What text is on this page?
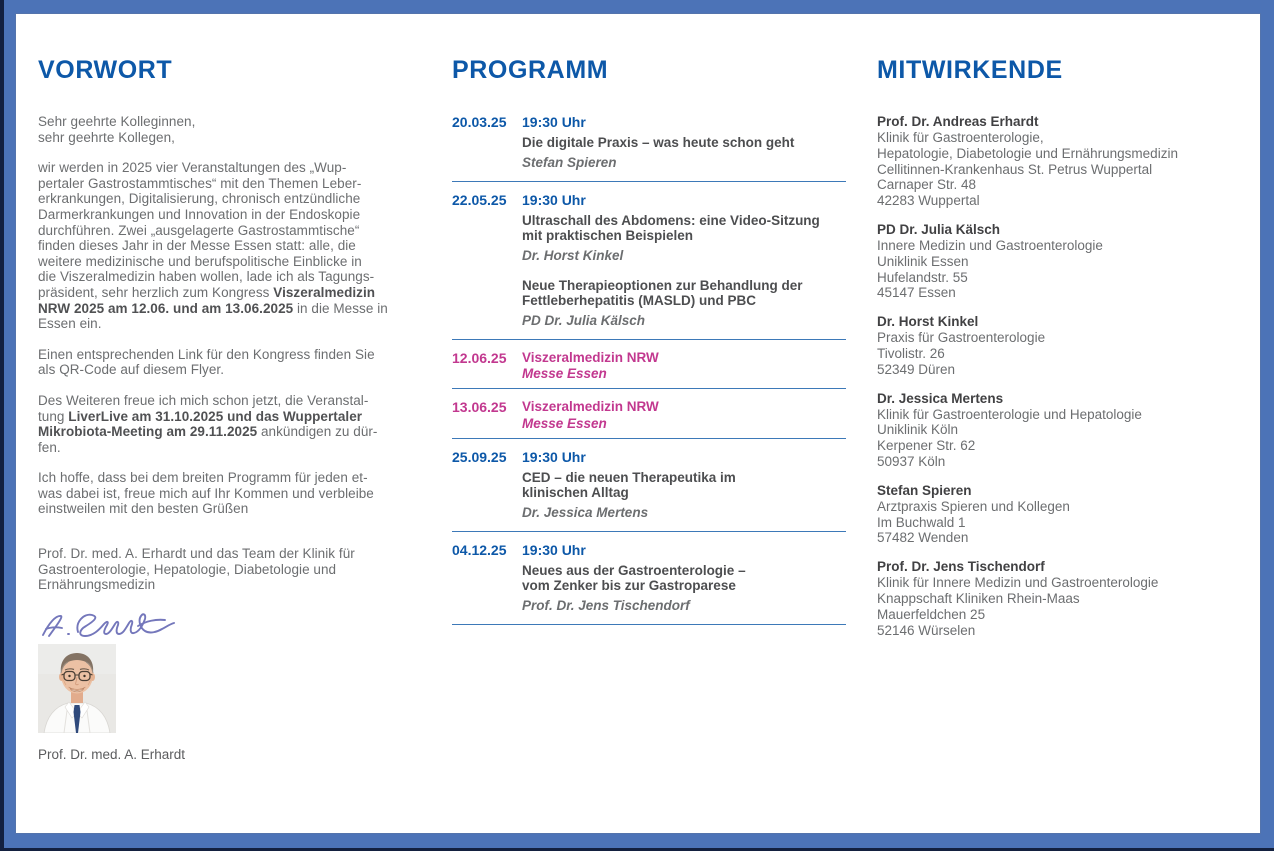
VORWORT
Sehr geehrte Kolleginnen,
sehr geehrte Kollegen,
wir werden in 2025 vier Veranstaltungen des „Wup-
pertaler Gastrostammtisches“ mit den Themen Leber-
erkrankungen, Digitalisierung, chronisch entzündliche
Darmerkrankungen und Innovation in der Endoskopie
durchführen. Zwei „ausgelagerte Gastrostammtische“
finden dieses Jahr in der Messe Essen statt: alle, die
weitere medizinische und berufspolitische Einblicke in
die Viszeralmedizin haben wollen, lade ich als Tagungs-
präsident, sehr herzlich zum Kongress Viszeralmedizin
NRW 2025 am 12.06. und am 13.06.2025 in die Messe in
Essen ein.
Einen entsprechenden Link für den Kongress finden Sie
als QR-Code auf diesem Flyer.
Des Weiteren freue ich mich schon jetzt, die Veranstal-
tung LiverLive am 31.10.2025 und das Wuppertaler
Mikrobiota-Meeting am 29.11.2025 ankündigen zu dür-
fen.
Ich hoffe, dass bei dem breiten Programm für jeden et-
was dabei ist, freue mich auf Ihr Kommen und verbleibe
einstweilen mit den besten Grüßen
Prof. Dr. med. A. Erhardt und das Team der Klinik für
Gastroenterologie, Hepatologie, Diabetologie und
Ernährungsmedizin
Prof. Dr. med. A. Erhardt
PROGRAMM
20.03.25	19:30 Uhr
Die digitale Praxis – was heute schon geht
Stefan Spieren
22.05.25	19:30 Uhr
Ultraschall des Abdomens: eine Video-Sitzung
mit praktischen Beispielen
Dr. Horst Kinkel
Neue Therapieoptionen zur Behandlung der
Fettleberhepatitis (MASLD) und PBC
PD Dr. Julia Kälsch
12.06.25	Viszeralmedizin NRW
Messe Essen
13.06.25	Viszeralmedizin NRW
Messe Essen
25.09.25	19:30 Uhr
CED – die neuen Therapeutika im
klinischen Alltag
Dr. Jessica Mertens
04.12.25	19:30 Uhr
Neues aus der Gastroenterologie –
vom Zenker bis zur Gastroparese
Prof. Dr. Jens Tischendorf
MITWIRKENDE
Prof. Dr. Andreas Erhardt
Klinik für Gastroenterologie,
Hepatologie, Diabetologie und Ernährungsmedizin
Cellitinnen-Krankenhaus St. Petrus Wuppertal
Carnaper Str. 48
42283 Wuppertal
PD Dr. Julia Kälsch
Innere Medizin und Gastroenterologie
Uniklinik Essen
Hufelandstr. 55
45147 Essen
Dr. Horst Kinkel
Praxis für Gastroenterologie
Tivolistr. 26
52349 Düren
Dr. Jessica Mertens
Klinik für Gastroenterologie und Hepatologie
Uniklinik Köln
Kerpener Str. 62
50937 Köln
Stefan Spieren
Arztpraxis Spieren und Kollegen
Im Buchwald 1
57482 Wenden
Prof. Dr. Jens Tischendorf
Klinik für Innere Medizin und Gastroenterologie
Knappschaft Kliniken Rhein-Maas
Mauerfeldchen 25
52146 Würselen
